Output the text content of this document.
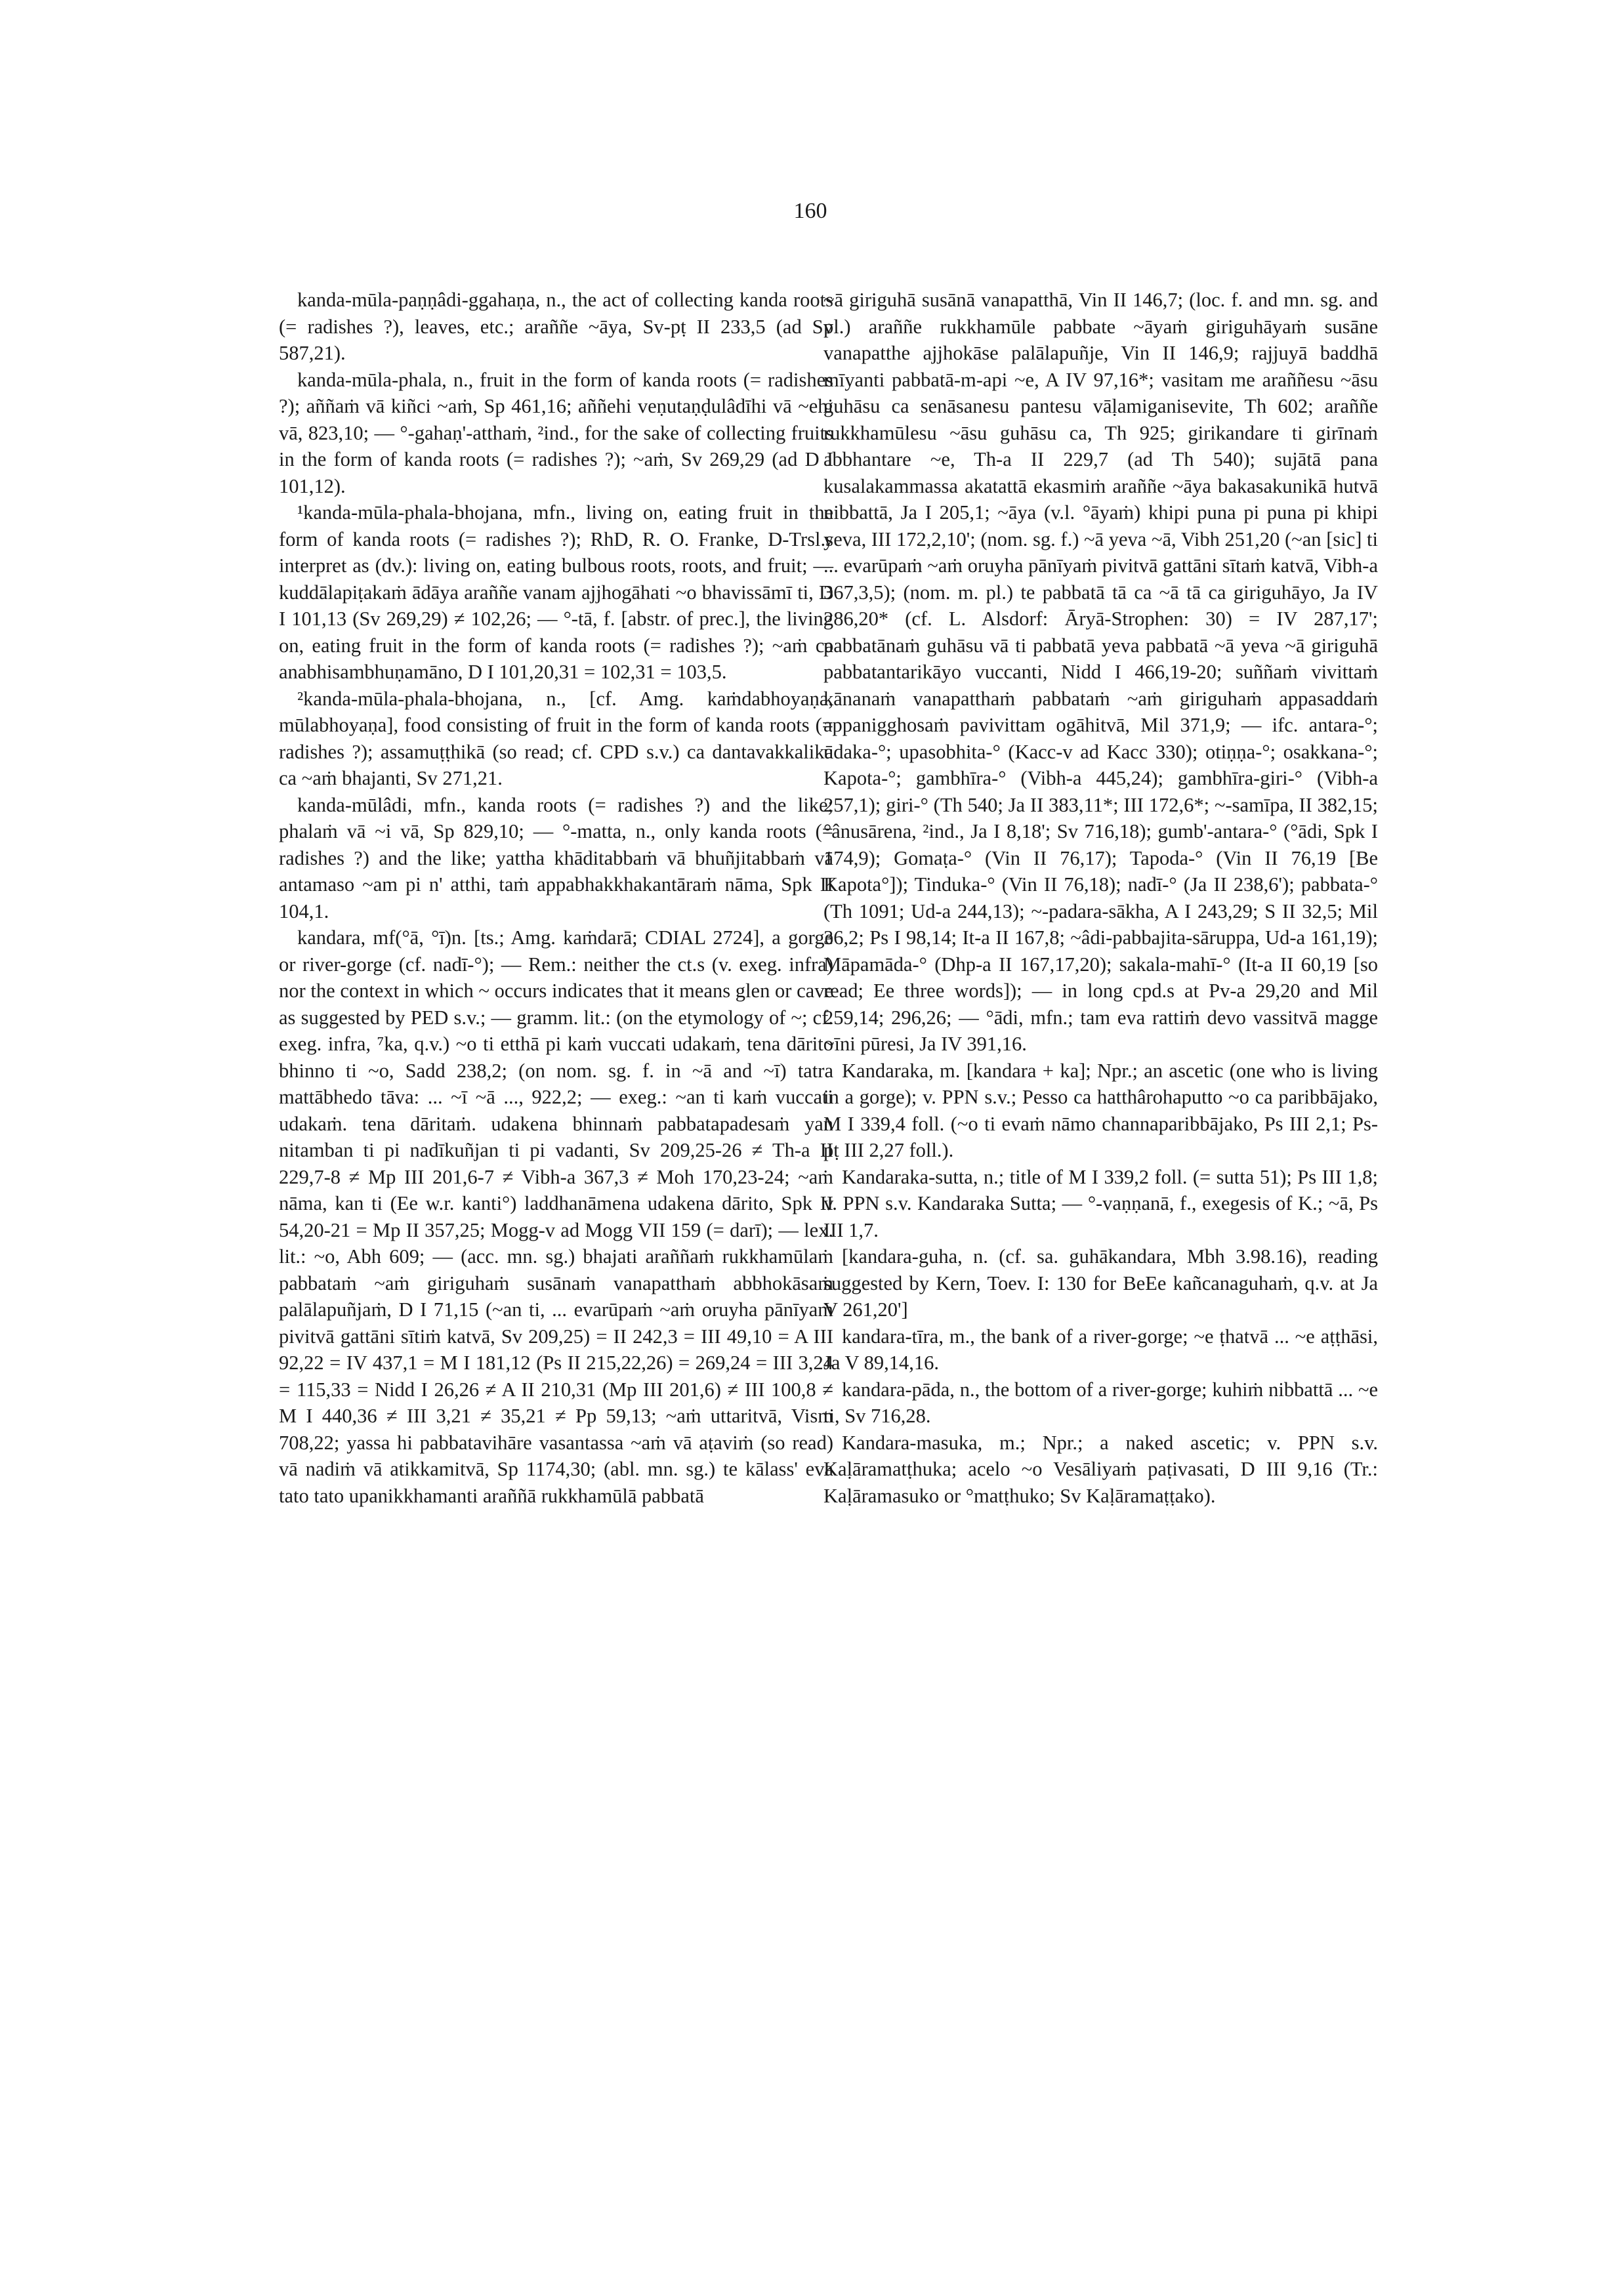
160

kanda-mūla-paṇṇâdi-ggahaṇa, n., the act of collecting kanda roots (= radishes ?), leaves, etc.; araññe ~āya, Sv-pṭ II 233,5 (ad Sv 587,21).

kanda-mūla-phala, n., fruit in the form of kanda roots (= radishes ?); aññaṁ vā kiñci ~aṁ, Sp 461,16; aññehi veṇutaṇḍulâdīhi vā ~ehi vā, 823,10; — °-gahaṇ'-atthaṁ, ²ind., for the sake of collecting fruits in the form of kanda roots (= radishes ?); ~aṁ, Sv 269,29 (ad D I 101,12).

¹kanda-mūla-phala-bhojana, mfn., living on, eating fruit in the form of kanda roots (= radishes ?); RhD, R. O. Franke, D-Trsl.s interpret as (dv.): living on, eating bulbous roots, roots, and fruit; — kuddālapiṭakaṁ ādāya araññe vanam ajjhogāhati ~o bhavissāmī ti, D I 101,13 (Sv 269,29) ≠ 102,26; — °-tā, f. [abstr. of prec.], the living on, eating fruit in the form of kanda roots (= radishes ?); ~aṁ ca anabhisambhuṇamāno, D I 101,20,31 = 102,31 = 103,5.

²kanda-mūla-phala-bhojana, n., [cf. Amg. kaṁdabhoyaṇa, mūlabhoyaṇa], food consisting of fruit in the form of kanda roots (= radishes ?); assamuṭṭhikā (so read; cf. CPD s.v.) ca dantavakkalikā ca ~aṁ bhajanti, Sv 271,21.

kanda-mūlâdi, mfn., kanda roots (= radishes ?) and the like; phalaṁ vā ~i vā, Sp 829,10; — °-matta, n., only kanda roots (= radishes ?) and the like; yattha khāditabbaṁ vā bhuñjitabbaṁ vā antamaso ~am pi n' atthi, taṁ appabhakkhakantāraṁ nāma, Spk II 104,1.

kandara, mf(°ā, °ī)n. [ts.; Amg. kaṁdarā; CDIAL 2724], a gorge or river-gorge (cf. nadī-°); — Rem.: neither the ct.s (v. exeg. infra) nor the context in which ~ occurs indicates that it means glen or cave as suggested by PED s.v.; — gramm. lit.: (on the etymology of ~; cf. exeg. infra, ⁷ka, q.v.) ~o ti etthā pi kaṁ vuccati udakaṁ, tena dārito bhinno ti ~o, Sadd 238,2; (on nom. sg. f. in ~ā and ~ī) tatra mattābhedo tāva: ... ~ī ~ā ..., 922,2; — exeg.: ~an ti kaṁ vuccati udakaṁ. tena dāritaṁ. udakena bhinnaṁ pabbatapadesaṁ yan nitamban ti pi nadīkuñjan ti pi vadanti, Sv 209,25-26 ≠ Th-a II 229,7-8 ≠ Mp III 201,6-7 ≠ Vibh-a 367,3 ≠ Moh 170,23-24; ~aṁ nāma, kan ti (Ee w.r. kanti°) laddhanāmena udakena dārito, Spk II 54,20-21 = Mp II 357,25; Mogg-v ad Mogg VII 159 (= darī); — lex. lit.: ~o, Abh 609; — (acc. mn. sg.) bhajati araññaṁ rukkhamūlaṁ pabbataṁ ~aṁ giriguhaṁ susānaṁ vanapatthaṁ abbhokāsaṁ palālapuñjaṁ, D I 71,15 (~an ti, ... evarūpaṁ ~aṁ oruyha pānīyaṁ pivitvā gattāni sītiṁ katvā, Sv 209,25) = II 242,3 = III 49,10 = A III 92,22 = IV 437,1 = M I 181,12 (Ps II 215,22,26) = 269,24 = III 3,24 = 115,33 = Nidd I 26,26 ≠ A II 210,31 (Mp III 201,6) ≠ III 100,8 ≠ M I 440,36 ≠ III 3,21 ≠ 35,21 ≠ Pp 59,13; ~aṁ uttaritvā, Vism 708,22; yassa hi pabbatavihāre vasantassa ~aṁ vā aṭaviṁ (so read) vā nadiṁ vā atikkamitvā, Sp 1174,30; (abl. mn. sg.) te kālass' eva tato tato upanikkhamanti araññā rukkhamūlā pabbatā

~ā giriguhā susānā vanapatthā, Vin II 146,7; (loc. f. and mn. sg. and pl.) araññe rukkhamūle pabbate ~āyaṁ giriguhāyaṁ susāne vanapatthe ajjhokāse palālapuñje, Vin II 146,9; rajjuyā baddhā mīyanti pabbatā-m-api ~e, A IV 97,16*; vasitam me araññesu ~āsu guhāsu ca senāsanesu pantesu vāḷamiganisevite, Th 602; araññe rukkhamūlesu ~āsu guhāsu ca, Th 925; girikandare ti girīnaṁ abbhantare ~e, Th-a II 229,7 (ad Th 540); sujātā pana kusalakammassa akatattā ekasmiṁ araññe ~āya bakasakunikā hutvā nibbattā, Ja I 205,1; ~āya (v.l. °āyaṁ) khipi puna pi puna pi khipi yeva, III 172,2,10'; (nom. sg. f.) ~ā yeva ~ā, Vibh 251,20 (~an [sic] ti ... evarūpaṁ ~aṁ oruyha pānīyaṁ pivitvā gattāni sītaṁ katvā, Vibh-a 367,3,5); (nom. m. pl.) te pabbatā tā ca ~ā tā ca giriguhāyo, Ja IV 286,20* (cf. L. Alsdorf: Āryā-Strophen: 30) = IV 287,17'; pabbatānaṁ guhāsu vā ti pabbatā yeva pabbatā ~ā yeva ~ā giriguhā pabbatantarikāyo vuccanti, Nidd I 466,19-20; suññaṁ vivittaṁ kānanaṁ vanapatthaṁ pabbataṁ ~aṁ giriguhaṁ appasaddaṁ appanigghosaṁ pavivittam ogāhitvā, Mil 371,9; — ifc. antara-°; udaka-°; upasobhita-° (Kacc-v ad Kacc 330); otiṇṇa-°; osakkana-°; Kapota-°; gambhīra-° (Vibh-a 445,24); gambhīra-giri-° (Vibh-a 257,1); giri-° (Th 540; Ja II 383,11*; III 172,6*; ~-samīpa, II 382,15; °ânusārena, ²ind., Ja I 8,18'; Sv 716,18); gumb'-antara-° (°ādi, Spk I 174,9); Gomaṭa-° (Vin II 76,17); Tapoda-° (Vin II 76,19 [Be Kapota°]); Tinduka-° (Vin II 76,18); nadī-° (Ja II 238,6'); pabbata-° (Th 1091; Ud-a 244,13); ~-padara-sākha, A I 243,29; S II 32,5; Mil 36,2; Ps I 98,14; It-a II 167,8; ~âdi-pabbajita-sāruppa, Ud-a 161,19); Māpamāda-° (Dhp-a II 167,17,20); sakala-mahī-° (It-a II 60,19 [so read; Ee three words]); — in long cpd.s at Pv-a 29,20 and Mil 259,14; 296,26; — °ādi, mfn.; tam eva rattiṁ devo vassitvā magge ~īni pūresi, Ja IV 391,16.

Kandaraka, m. [kandara + ka]; Npr.; an ascetic (one who is living in a gorge); v. PPN s.v.; Pesso ca hatthârohaputto ~o ca paribbājako, M I 339,4 foll. (~o ti evaṁ nāmo channaparibbājako, Ps III 2,1; Ps-pṭ III 2,27 foll.).

Kandaraka-sutta, n.; title of M I 339,2 foll. (= sutta 51); Ps III 1,8; v. PPN s.v. Kandaraka Sutta; — °-vaṇṇanā, f., exegesis of K.; ~ā, Ps III 1,7.

[kandara-guha, n. (cf. sa. guhākandara, Mbh 3.98.16), reading suggested by Kern, Toev. I: 130 for BeEe kañcanaguhaṁ, q.v. at Ja V 261,20']

kandara-tīra, m., the bank of a river-gorge; ~e ṭhatvā ... ~e aṭṭhāsi, Ja V 89,14,16.

kandara-pāda, n., the bottom of a river-gorge; kuhiṁ nibbattā ... ~e ti, Sv 716,28.

Kandara-masuka, m.; Npr.; a naked ascetic; v. PPN s.v. Kaḷāramatṭhuka; acelo ~o Vesāliyaṁ paṭivasati, D III 9,16 (Tr.: Kaḷāramasuko or °matṭhuko; Sv Kaḷāramaṭṭako).
